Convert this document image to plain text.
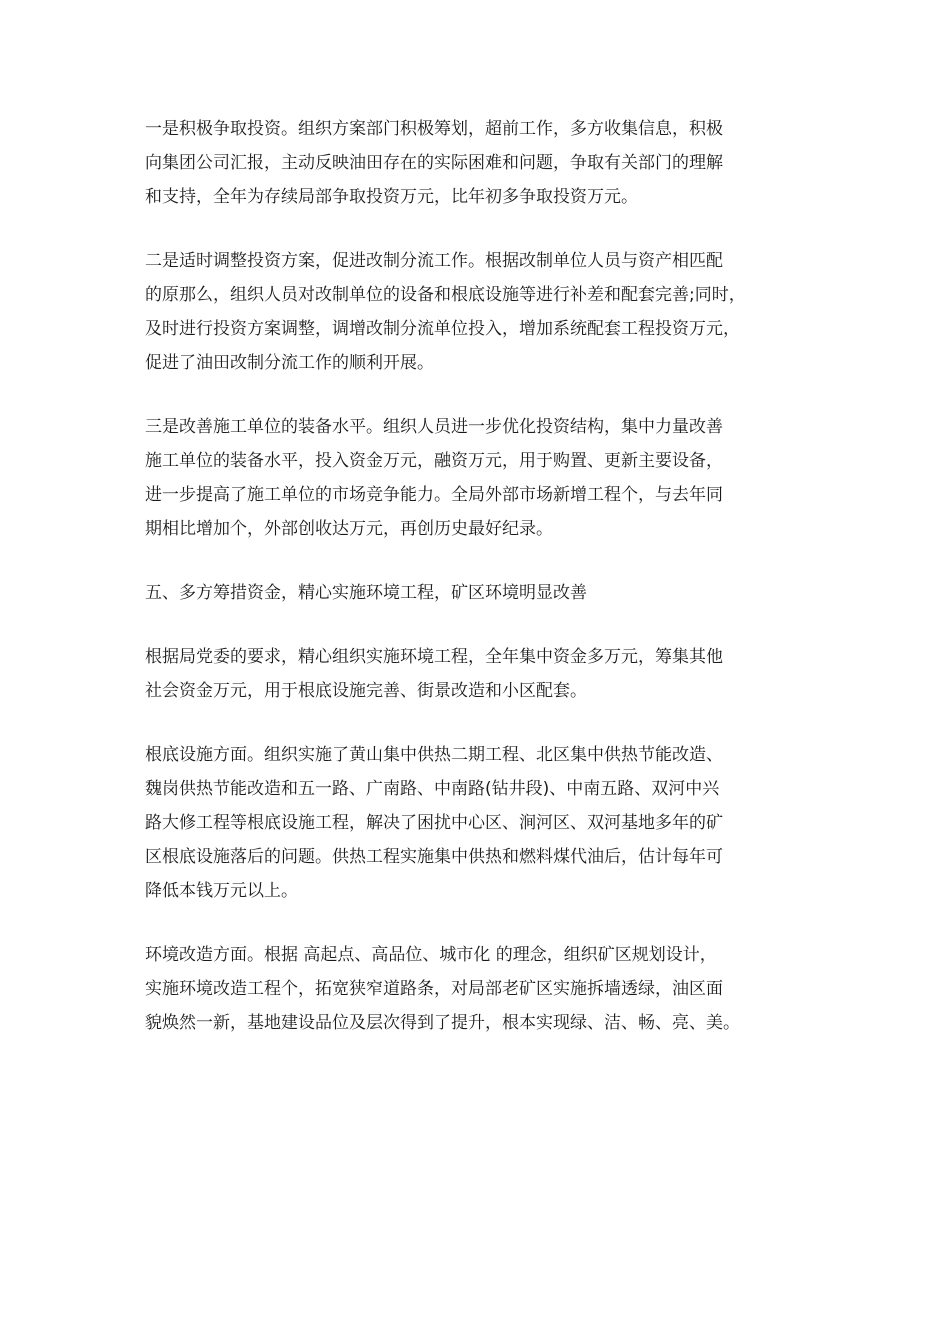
一是积极争取投资。组织方案部门积极筹划，超前工作，多方收集信息，积极
向集团公司汇报，主动反映油田存在的实际困难和问题，争取有关部门的理解
和支持，全年为存续局部争取投资万元，比年初多争取投资万元。

二是适时调整投资方案，促进改制分流工作。根据改制单位人员与资产相匹配
的原那么，组织人员对改制单位的设备和根底设施等进行补差和配套完善;同时，
及时进行投资方案调整，调增改制分流单位投入，增加系统配套工程投资万元，
促进了油田改制分流工作的顺利开展。

三是改善施工单位的装备水平。组织人员进一步优化投资结构，集中力量改善
施工单位的装备水平，投入资金万元，融资万元，用于购置、更新主要设备，
进一步提高了施工单位的市场竞争能力。全局外部市场新增工程个，与去年同
期相比增加个，外部创收达万元，再创历史最好纪录。

五、多方筹措资金，精心实施环境工程，矿区环境明显改善

根据局党委的要求，精心组织实施环境工程，全年集中资金多万元，筹集其他
社会资金万元，用于根底设施完善、街景改造和小区配套。

根底设施方面。组织实施了黄山集中供热二期工程、北区集中供热节能改造、
魏岗供热节能改造和五一路、广南路、中南路(钻井段)、中南五路、双河中兴
路大修工程等根底设施工程，解决了困扰中心区、涧河区、双河基地多年的矿
区根底设施落后的问题。供热工程实施集中供热和燃料煤代油后，估计每年可
降低本钱万元以上。

环境改造方面。根据 高起点、高品位、城市化 的理念，组织矿区规划设计，
实施环境改造工程个，拓宽狭窄道路条，对局部老矿区实施拆墙透绿，油区面
貌焕然一新，基地建设品位及层次得到了提升，根本实现绿、洁、畅、亮、美。
